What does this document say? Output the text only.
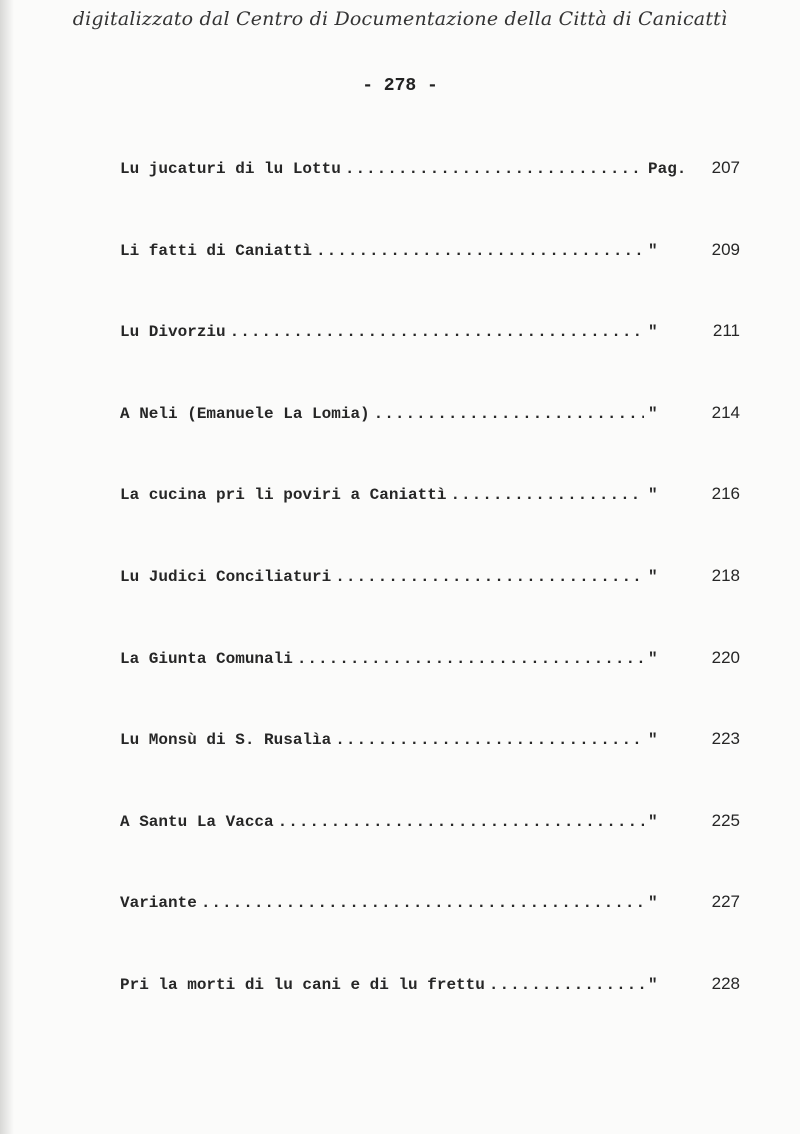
digitalizzato dal Centro di Documentazione della Città di Canicattì
- 278 -
Lu jucaturi di lu Lottu .....	Pag.	207
Li fatti di Caniattì .....	"	209
Lu Divorziu .....	"	211
A Neli (Emanuele La Lomia) .....	"	214
La cucina pri li poviri a Caniattì .....	"	216
Lu Judici Conciliaturi .....	"	218
La Giunta Comunali .....	"	220
Lu Monsù di S. Rusalìa .....	"	223
A Santu La Vacca .....	"	225
Variante .....	"	227
Pri la morti di lu cani e di lu frettu .....	"	228
